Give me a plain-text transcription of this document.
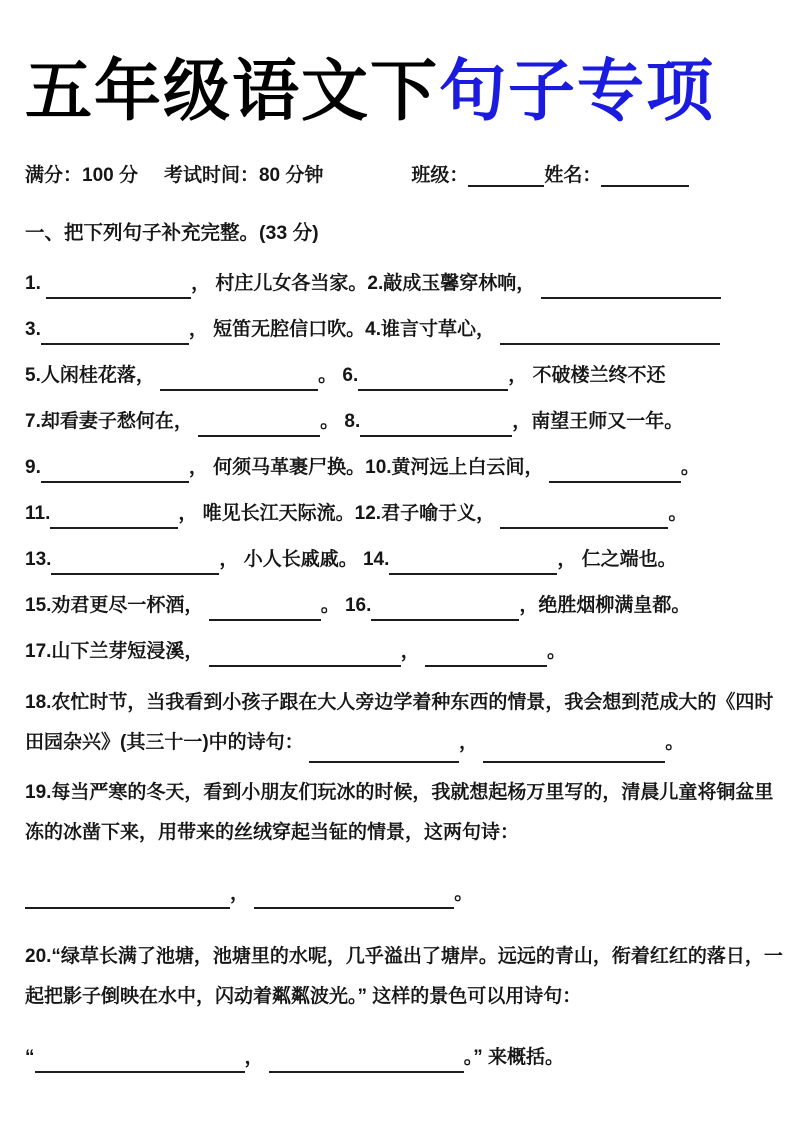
五年级语文下句子专项
满分：100 分 考试时间：80 分钟	班级：	姓名：
一、把下列句子补充完整。(33 分)
1.	， 村庄儿女各当家。2.敲成玉馨穿林响，
3.	， 短笛无腔信口吹。4.谁言寸草心，
5.人闲桂花落，	。 6.	， 不破楼兰终不还
7.却看妻子愁何在，	。 8.	，南望王师又一年。
9.	， 何须马革裹尸换。10.黄河远上白云间，	。
11.	， 唯见长江天际流。12.君子喻于义，	。
13.	， 小人长戚戚。 14.	， 仁之端也。
15.劝君更尽一杯酒，	。 16.	，绝胜烟柳满皇都。
17.山下兰芽短浸溪，	，	。
18.农忙时节，当我看到小孩子跟在大人旁边学着种东西的情景，我会想到范成大的《四时田园杂兴》(其三十一)中的诗句：	，	。
19.每当严寒的冬天，看到小朋友们玩冰的时候，我就想起杨万里写的，清晨儿童将铜盆里冻的冰凿下来，用带来的丝绒穿起当钲的情景，这两句诗：
，	。
20.“绿草长满了池塘，池塘里的水呢，几乎溢出了塘岸。远远的青山，衔着红红的落日，一起把影子倒映在水中，闪动着粼粼波光。” 这样的景色可以用诗句：
“	，	。” 来概括。
